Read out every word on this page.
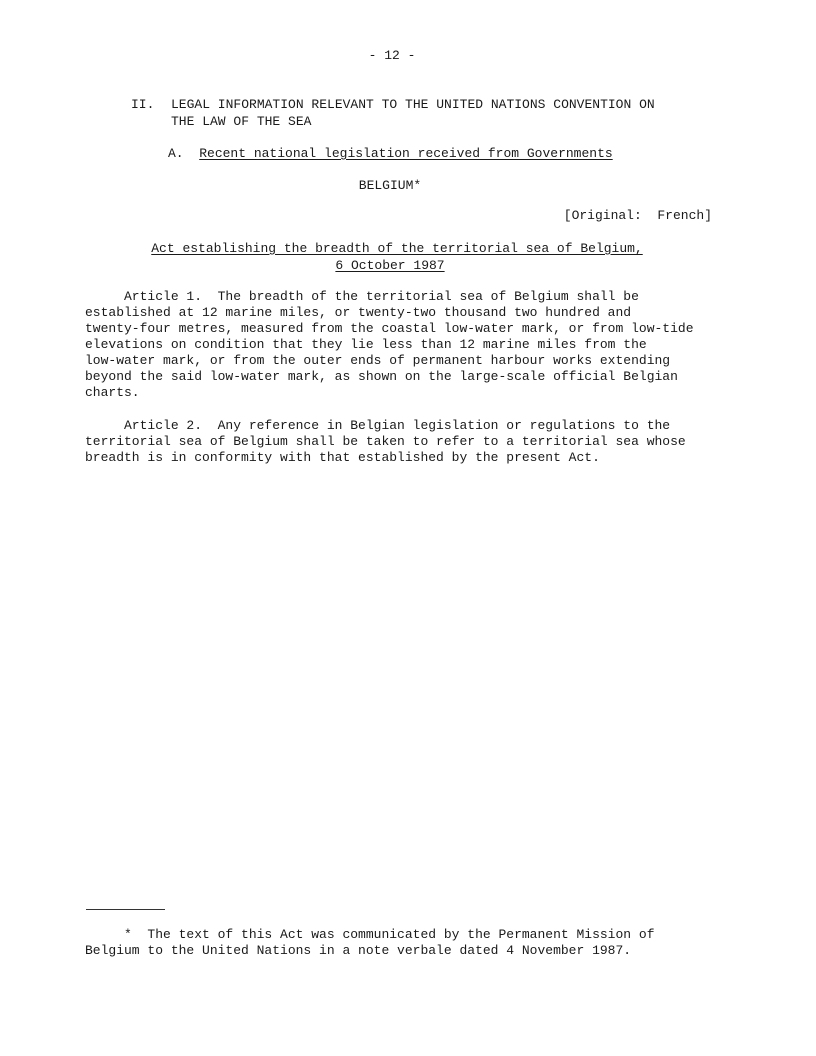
- 12 -
II. LEGAL INFORMATION RELEVANT TO THE UNITED NATIONS CONVENTION ON
THE LAW OF THE SEA
A. Recent national legislation received from Governments
BELGIUM*
[Original:  French]
Act establishing the breadth of the territorial sea of Belgium,
6 October 1987
Article 1.  The breadth of the territorial sea of Belgium shall be
established at 12 marine miles, or twenty-two thousand two hundred and
twenty-four metres, measured from the coastal low-water mark, or from low-tide
elevations on condition that they lie less than 12 marine miles from the
low-water mark, or from the outer ends of permanent harbour works extending
beyond the said low-water mark, as shown on the large-scale official Belgian
charts.
Article 2.  Any reference in Belgian legislation or regulations to the
territorial sea of Belgium shall be taken to refer to a territorial sea whose
breadth is in conformity with that established by the present Act.
*  The text of this Act was communicated by the Permanent Mission of
Belgium to the United Nations in a note verbale dated 4 November 1987.
